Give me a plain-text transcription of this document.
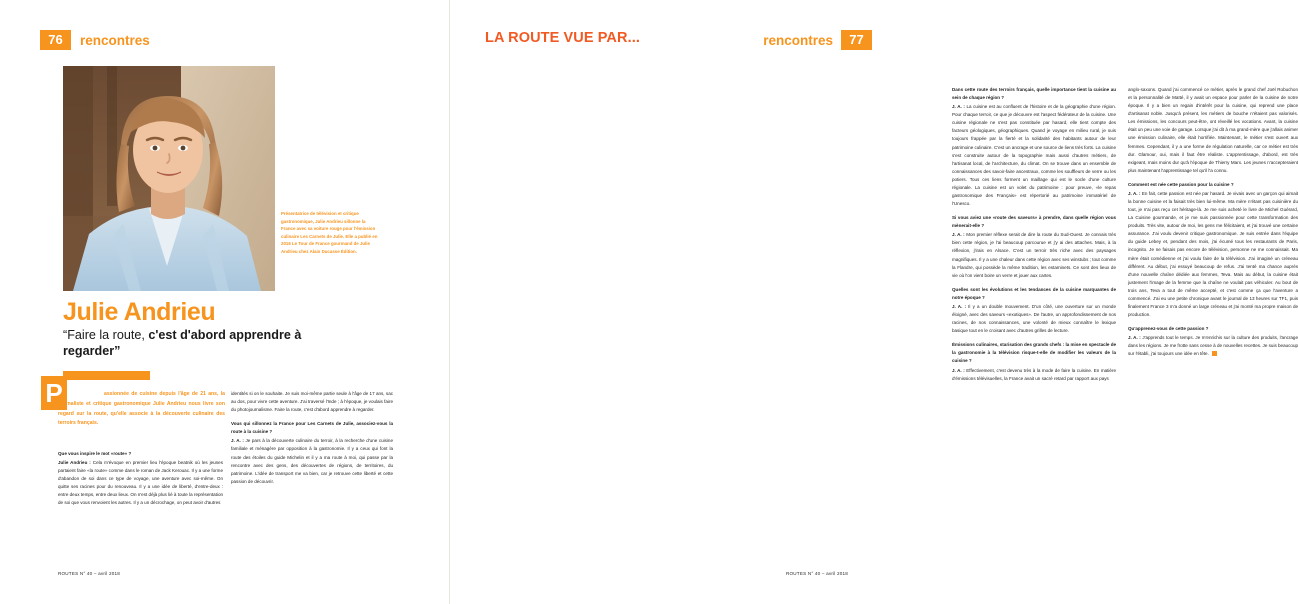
76	rencontres
Présentatrice de télévision et critique gastronomique, Julie Andrieu sillonne la France avec sa voiture rouge pour l'émission culinaire Les Carnets de Julie. Elle a publié en 2016 Le Tour de France gourmand de Julie Andrieu chez Alain Ducasse Édition.
Julie Andrieu
“Faire la route, c'est d'abord apprendre à regarder”
P	assionnée de cuisine depuis l'âge de 21 ans, la journaliste et critique gastronomique Julie Andrieu nous livre son regard sur la route, qu'elle associe à la découverte culinaire des terroirs français.

Que vous inspire le mot «route» ?
Julie Andrieu : Cela m'évoque en premier lieu l'époque beatnik où les jeunes partaient faire «la route» comme dans le roman de Jack Kerouac. Il y a une forme d'abandon de soi dans ce type de voyage, une aventure avec soi-même. On quitte ses racines pour du renouveau. Il y a une idée de liberté, d'entre-deux : entre deux temps, entre deux lieux. On n'est déjà plus lié à toute la représentation de soi que vous renvoient les autres. Il y a un décrochage, on peut avoir d'autres

identités si on le souhaite. Je suis moi-même partie seule à l'âge de 17 ans, sac au dos, pour vivre cette aventure. J'ai traversé l'Inde ; à l'époque, je voulais faire du photojournalisme. Faire la route, c'est d'abord apprendre à regarder.

Vous qui sillonnez la France pour Les Carnets de Julie, associez-vous la route à la cuisine ?
J. A. : Je pars à la découverte culinaire du terroir, à la recherche d'une cuisine familiale et ménagère par opposition à la gastronomie. Il y a ceux qui font la route des étoiles du guide Michelin et il y a ma route à moi, qui passe par la rencontre avec des gens, des découvertes de régions, de territoires, du patrimoine. L'idée de transport me va bien, car je retrouve cette liberté et cette passion de découvrir.

ROUTES N° 40 – avril 2018
LA ROUTE VUE PAR...	rencontres	77

Dans cette route des terroirs français, quelle importance tient la cuisine au sein de chaque région ?
J. A. : La cuisine est au confluent de l'histoire et de la géographie d'une région. Pour chaque terroir, ce que je découvre est l'aspect fédérateur de la cuisine. Une cuisine régionale ne s'est pas constituée par hasard, elle tient compte des facteurs géologiques, géographiques. Quand je voyage en milieu rural, je suis toujours frappée par la fierté et la solidarité des habitants autour de leur patrimoine culinaire. C'est un ancrage et une source de liens très forts. La cuisine s'est construite autour de la topographie mais aussi d'autres métiers, de l'artisanat local, de l'architecture, du climat. On se trouve dans un ensemble de connaissances des savoir-faire ancestraux, comme les souffleurs de verre ou les potiers. Tous ces liens forment un maillage qui est le socle d'une culture régionale. La cuisine est un volet du patrimoine : pour preuve, «le repas gastronomique des Français» est répertorié au patrimoine immatériel de l'Unesco.

Si vous aviez une «route des saveurs» à prendre, dans quelle région vous mènerait-elle ?
J. A. : Mon premier réflexe serait de dire la route du Sud-Ouest. Je connais très bien cette région, je l'ai beaucoup parcourue et j'y ai des attaches. Mais, à la réflexion, j'irais en Alsace. C'est un terroir très riche avec des paysages magnifiques. Il y a une chaleur dans cette région avec ses winstubs ; tout comme la Flandre, qui possède la même tradition, les estaminets. Ce sont des lieux de vie où l'on vient boire un verre et jouer aux cartes.

Quelles sont les évolutions et les tendances de la cuisine marquantes de notre époque ?
J. A. : Il y a un double mouvement. D'un côté, une ouverture sur un monde éloigné, avec des saveurs «exotiques». De l'autre, un approfondissement de nos racines, de nos connaissances, une volonté de mieux connaître le lexique basique tout en le croisant avec d'autres grilles de lecture.

Émissions culinaires, starisation des grands chefs : la mise en spectacle de la gastronomie à la télévision risque-t-elle de modifier les valeurs de la cuisine ?
J. A. : Effectivement, c'est devenu très à la mode de faire la cuisine. En matière d'émissions télévisuelles, la France avait un sacré retard par rapport aux pays

anglo-saxons. Quand j'ai commencé ce métier, après le grand chef Joël Robuchon et la personnalité de Maïté, il y avait un espace pour parler de la cuisine de notre époque. Il y a bien un regain d'intérêt pour la cuisine, qui reprend une place d'artisanat noble. Jusqu'à présent, les métiers de bouche n'étaient pas valorisés. Les émissions, les concours peut-être, ont réveillé les vocations. Avant, la cuisine était un peu une voie de garage. Lorsque j'ai dit à ma grand-mère que j'allais animer une émission culinaire, elle était horrifiée. Maintenant, le métier s'est ouvert aux femmes. Cependant, il y a une forme de régulation naturelle, car ce métier est très dur. Glamour, oui, mais il faut être réaliste. L'apprentissage, d'abord, est très exigeant, mais moins dur qu'à l'époque de Thierry Marx. Les jeunes n'accepteraient plus maintenant l'apprentissage tel qu'il l'a connu.

Comment est née cette passion pour la cuisine ?
J. A. : En fait, cette passion est née par hasard. Je vivais avec un garçon qui aimait la bonne cuisine et la faisait très bien lui-même. Ma mère n'étant pas cuisinière du tout, je n'ai pas reçu cet héritage-là. Je me suis acheté le livre de Michel Guérard, La Cuisine gourmande, et je me suis passionnée pour cette transformation des produits. Très vite, autour de moi, les gens me félicitaient, et j'ai trouvé une certaine assurance. J'ai voulu devenir critique gastronomique. Je suis entrée dans l'équipe du guide Lebey et, pendant des mois, j'ai écumé tous les restaurants de Paris, incognito. Je ne faisais pas encore de télévision, personne ne me connaissait. Ma mère était comédienne et j'ai voulu faire de la télévision. J'ai imaginé un créneau différent. Au début, j'ai essuyé beaucoup de refus. J'ai tenté ma chance auprès d'une nouvelle chaîne dédiée aux femmes, Teva. Mais au début, la cuisine était justement l'image de la femme que la chaîne ne voulait pas véhiculer. Au bout de trois ans, Teva a tout de même accepté, et c'est comme ça que l'aventure a commencé. J'ai eu une petite chronique avant le journal de 13 heures sur TF1, puis finalement France 3 m'a donné un large créneau et j'ai monté ma propre maison de production.

Qu'apprenez-vous de cette passion ?
J. A. : J'apprends tout le temps. Je m'enrichis sur la culture des produits, l'ancrage dans les régions. Je me frotte sans cesse à de nouvelles recettes. Je suis beaucoup sur l'établi, j'ai toujours une idée en tête.

ROUTES N° 40 – avril 2018
